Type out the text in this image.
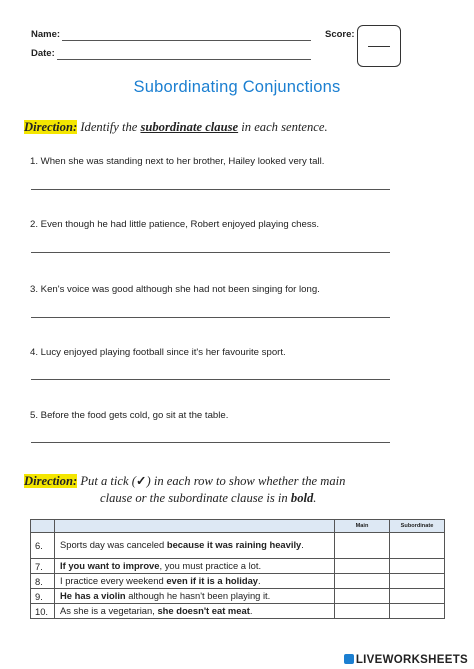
Name:	Score:
Date:
Subordinating Conjunctions
Direction: Identify the subordinate clause in each sentence.
1. When she was standing next to her brother, Hailey looked very tall.
2. Even though he had little patience, Robert enjoyed playing chess.
3. Ken's voice was good although she had not been singing for long.
4. Lucy enjoyed playing football since it's her favourite sport.
5. Before the food gets cold, go sit at the table.
Direction: Put a tick (✓) in each row to show whether the main
clause or the subordinate clause is in bold.
		Main	Subordinate
6.	Sports day was canceled because it was raining heavily.		
7.	If you want to improve, you must practice a lot.		
8.	I practice every weekend even if it is a holiday.		
9.	He has a violin although he hasn't been playing it.		
10.	As she is a vegetarian, she doesn't eat meat.		
LIVEWORKSHEETS
